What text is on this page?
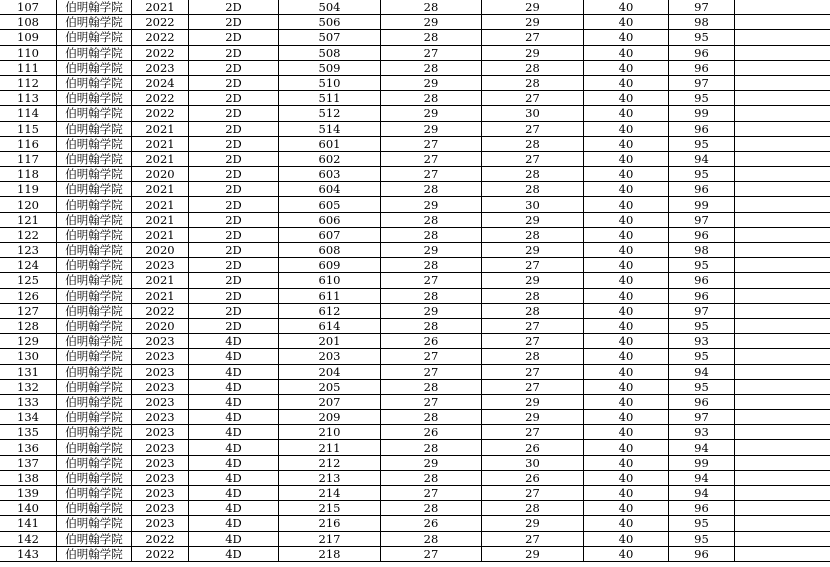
107	伯明翰学院	2021	2D	504	28	29	40	97	
108	伯明翰学院	2022	2D	506	29	29	40	98	
109	伯明翰学院	2022	2D	507	28	27	40	95	
110	伯明翰学院	2022	2D	508	27	29	40	96	
111	伯明翰学院	2023	2D	509	28	28	40	96	
112	伯明翰学院	2024	2D	510	29	28	40	97	
113	伯明翰学院	2022	2D	511	28	27	40	95	
114	伯明翰学院	2022	2D	512	29	30	40	99	
115	伯明翰学院	2021	2D	514	29	27	40	96	
116	伯明翰学院	2021	2D	601	27	28	40	95	
117	伯明翰学院	2021	2D	602	27	27	40	94	
118	伯明翰学院	2020	2D	603	27	28	40	95	
119	伯明翰学院	2021	2D	604	28	28	40	96	
120	伯明翰学院	2021	2D	605	29	30	40	99	
121	伯明翰学院	2021	2D	606	28	29	40	97	
122	伯明翰学院	2021	2D	607	28	28	40	96	
123	伯明翰学院	2020	2D	608	29	29	40	98	
124	伯明翰学院	2023	2D	609	28	27	40	95	
125	伯明翰学院	2021	2D	610	27	29	40	96	
126	伯明翰学院	2021	2D	611	28	28	40	96	
127	伯明翰学院	2022	2D	612	29	28	40	97	
128	伯明翰学院	2020	2D	614	28	27	40	95	
129	伯明翰学院	2023	4D	201	26	27	40	93	
130	伯明翰学院	2023	4D	203	27	28	40	95	
131	伯明翰学院	2023	4D	204	27	27	40	94	
132	伯明翰学院	2023	4D	205	28	27	40	95	
133	伯明翰学院	2023	4D	207	27	29	40	96	
134	伯明翰学院	2023	4D	209	28	29	40	97	
135	伯明翰学院	2023	4D	210	26	27	40	93	
136	伯明翰学院	2023	4D	211	28	26	40	94	
137	伯明翰学院	2023	4D	212	29	30	40	99	
138	伯明翰学院	2023	4D	213	28	26	40	94	
139	伯明翰学院	2023	4D	214	27	27	40	94	
140	伯明翰学院	2023	4D	215	28	28	40	96	
141	伯明翰学院	2023	4D	216	26	29	40	95	
142	伯明翰学院	2022	4D	217	28	27	40	95	
143	伯明翰学院	2022	4D	218	27	29	40	96	
